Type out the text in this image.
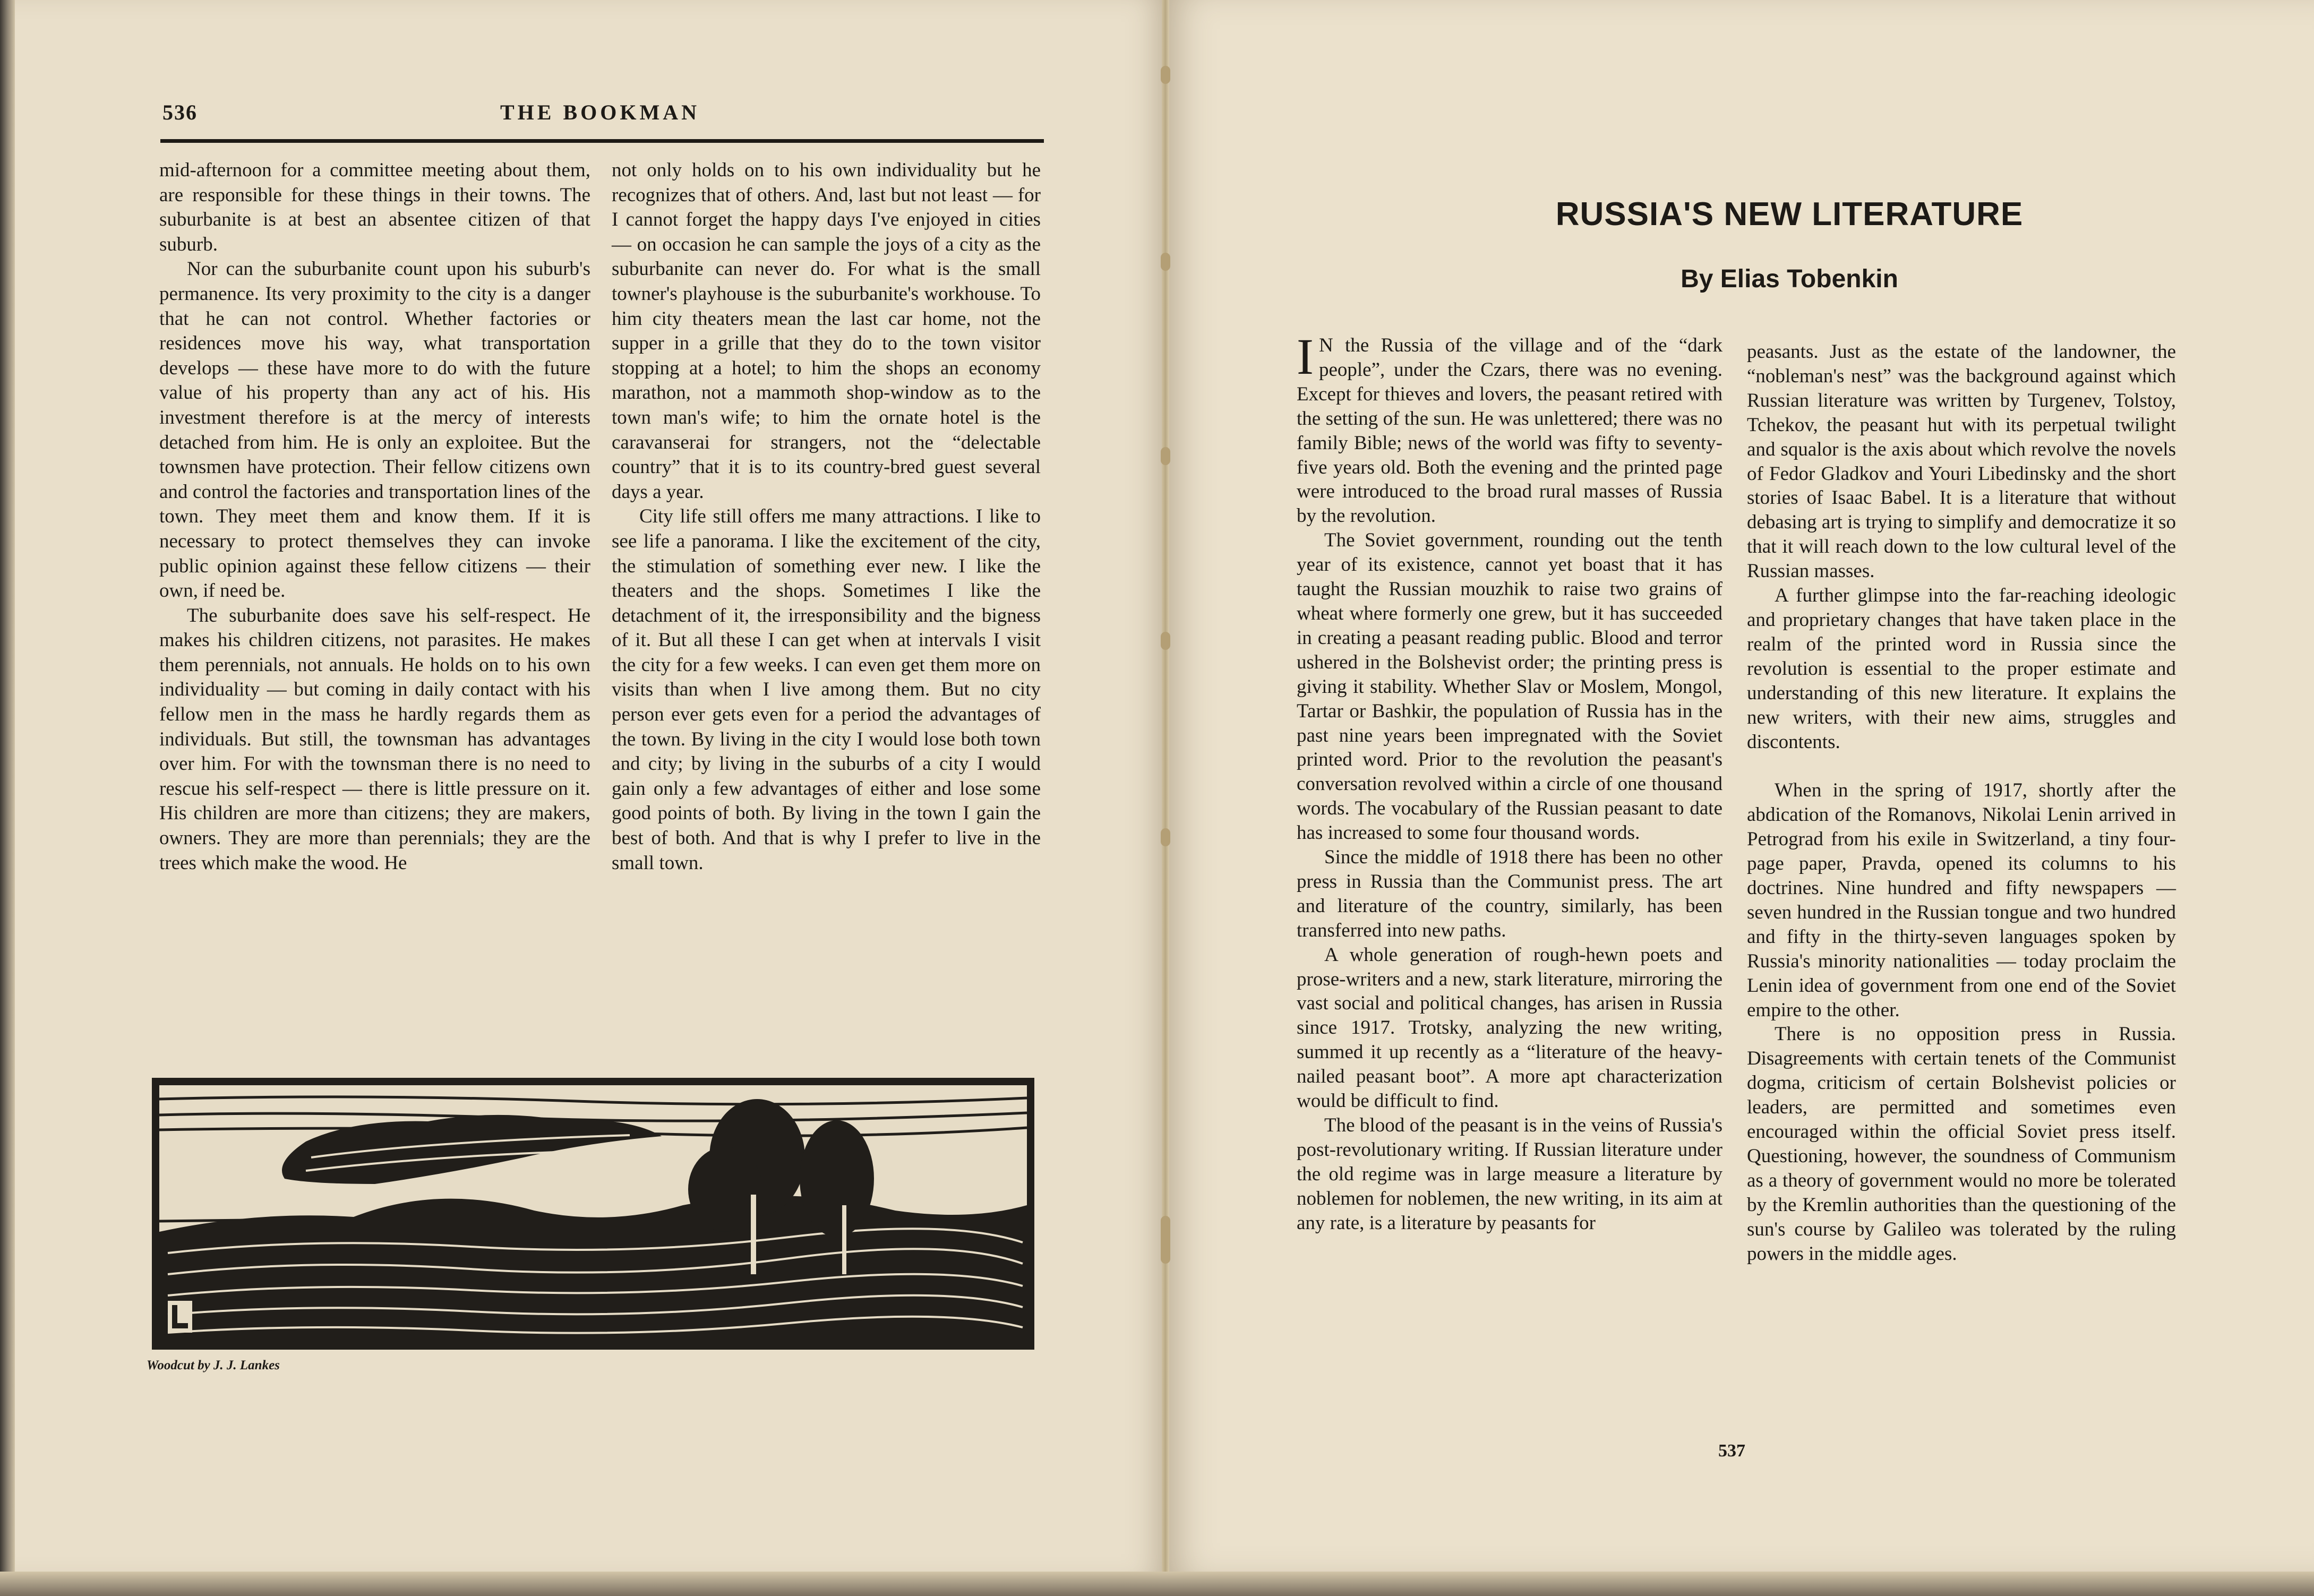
536	THE BOOKMAN

mid-afternoon for a committee meeting about them, are responsible for these things in their towns. The suburbanite is at best an absentee citizen of that suburb.

Nor can the suburbanite count upon his suburb's permanence. Its very proximity to the city is a danger that he can not control. Whether factories or residences move his way, what transportation develops — these have more to do with the future value of his property than any act of his. His investment therefore is at the mercy of interests detached from him. He is only an exploitee. But the townsmen have protection. Their fellow citizens own and control the factories and transportation lines of the town. They meet them and know them. If it is necessary to protect themselves they can invoke public opinion against these fellow citizens — their own, if need be.

The suburbanite does save his self-respect. He makes his children citizens, not parasites. He makes them perennials, not annuals. He holds on to his own individuality — but coming in daily contact with his fellow men in the mass he hardly regards them as individuals. But still, the townsman has advantages over him. For with the townsman there is no need to rescue his self-respect — there is little pressure on it. His children are more than citizens; they are makers, owners. They are more than perennials; they are the trees which make the wood. He

not only holds on to his own individuality but he recognizes that of others. And, last but not least — for I cannot forget the happy days I've enjoyed in cities — on occasion he can sample the joys of a city as the suburbanite can never do. For what is the small towner's playhouse is the suburbanite's workhouse. To him city theaters mean the last car home, not the supper in a grille that they do to the town visitor stopping at a hotel; to him the shops an economy marathon, not a mammoth shop-window as to the town man's wife; to him the ornate hotel is the caravanserai for strangers, not the “delectable country” that it is to its country-bred guest several days a year.

City life still offers me many attractions. I like to see life a panorama. I like the excitement of the city, the stimulation of something ever new. I like the theaters and the shops. Sometimes I like the detachment of it, the irresponsibility and the bigness of it. But all these I can get when at intervals I visit the city for a few weeks. I can even get them more on visits than when I live among them. But no city person ever gets even for a period the advantages of the town. By living in the city I would lose both town and city; by living in the suburbs of a city I would gain only a few advantages of either and lose some good points of both. By living in the town I gain the best of both. And that is why I prefer to live in the small town.

Woodcut by J. J. Lankes
RUSSIA'S NEW LITERATURE
By Elias Tobenkin

I N the Russia of the village and of the “dark people”, under the Czars, there was no evening. Except for thieves and lovers, the peasant retired with the setting of the sun. He was unlettered; there was no family Bible; news of the world was fifty to seventy-five years old. Both the evening and the printed page were introduced to the broad rural masses of Russia by the revolution.

The Soviet government, rounding out the tenth year of its existence, cannot yet boast that it has taught the Russian mouzhik to raise two grains of wheat where formerly one grew, but it has succeeded in creating a peasant reading public. Blood and terror ushered in the Bolshevist order; the printing press is giving it stability. Whether Slav or Moslem, Mongol, Tartar or Bashkir, the population of Russia has in the past nine years been impregnated with the Soviet printed word. Prior to the revolution the peasant's conversation revolved within a circle of one thousand words. The vocabulary of the Russian peasant to date has increased to some four thousand words.

Since the middle of 1918 there has been no other press in Russia than the Communist press. The art and literature of the country, similarly, has been transferred into new paths.

A whole generation of rough-hewn poets and prose-writers and a new, stark literature, mirroring the vast social and political changes, has arisen in Russia since 1917. Trotsky, analyzing the new writing, summed it up recently as a “literature of the heavy-nailed peasant boot”. A more apt characterization would be difficult to find.

The blood of the peasant is in the veins of Russia's post-revolutionary writing. If Russian literature under the old regime was in large measure a literature by noblemen for noblemen, the new writing, in its aim at any rate, is a literature by peasants for

peasants. Just as the estate of the landowner, the “nobleman's nest” was the background against which Russian literature was written by Turgenev, Tolstoy, Tchekov, the peasant hut with its perpetual twilight and squalor is the axis about which revolve the novels of Fedor Gladkov and Youri Libedinsky and the short stories of Isaac Babel. It is a literature that without debasing art is trying to simplify and democratize it so that it will reach down to the low cultural level of the Russian masses.

A further glimpse into the far-reaching ideologic and proprietary changes that have taken place in the realm of the printed word in Russia since the revolution is essential to the proper estimate and understanding of this new literature. It explains the new writers, with their new aims, struggles and discontents.

When in the spring of 1917, shortly after the abdication of the Romanovs, Nikolai Lenin arrived in Petrograd from his exile in Switzerland, a tiny four-page paper, Pravda, opened its columns to his doctrines. Nine hundred and fifty newspapers — seven hundred in the Russian tongue and two hundred and fifty in the thirty-seven languages spoken by Russia's minority nationalities — today proclaim the Lenin idea of government from one end of the Soviet empire to the other.

There is no opposition press in Russia. Disagreements with certain tenets of the Communist dogma, criticism of certain Bolshevist policies or leaders, are permitted and sometimes even encouraged within the official Soviet press itself. Questioning, however, the soundness of Communism as a theory of government would no more be tolerated by the Kremlin authorities than the questioning of the sun's course by Galileo was tolerated by the ruling powers in the middle ages.

537
